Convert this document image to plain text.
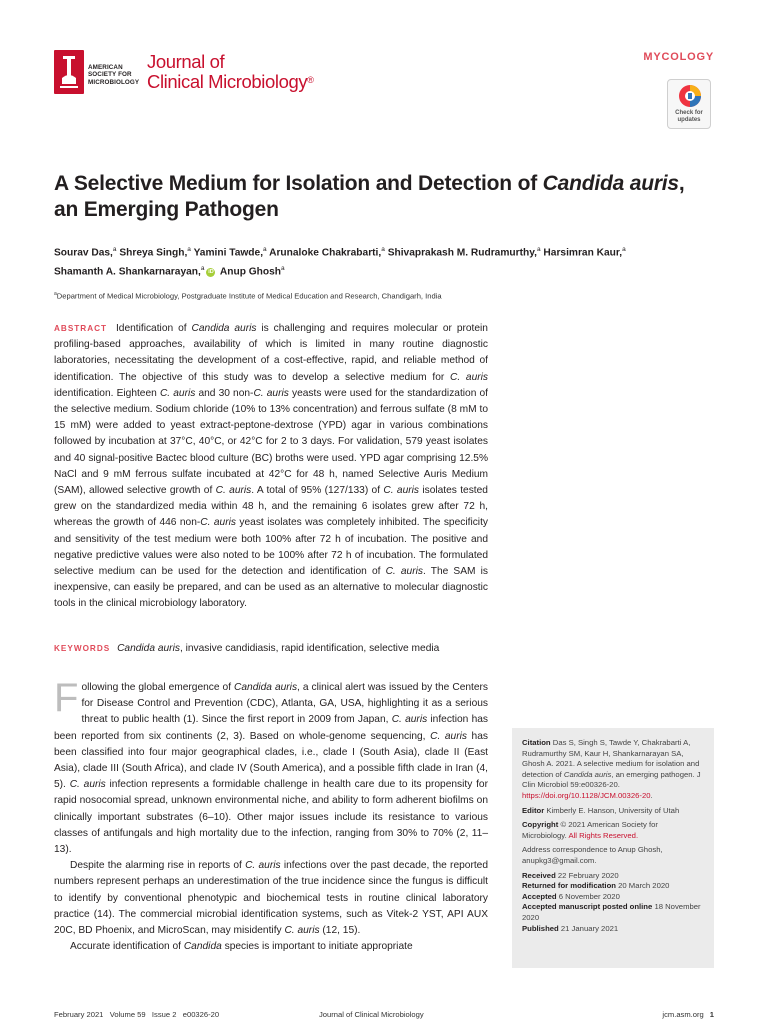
AMERICAN
SOCIETY FOR
MICROBIOLOGY
Journal of
Clinical Microbiology®
MYCOLOGY
Check for updates
A Selective Medium for Isolation and Detection of Candida auris, an Emerging Pathogen
Sourav Das,$^a$ Shreya Singh,$^a$ Yamini Tawde,$^a$ Arunaloke Chakrabarti,$^a$ Shivaprakash M. Rudramurthy,$^a$ Harsimran Kaur,$^a$
Shamanth A. Shankarnarayan,$^a$ iD Anup Ghosh$^a$
$^a$Department of Medical Microbiology, Postgraduate Institute of Medical Education and Research, Chandigarh, India
ABSTRACT Identification of Candida auris is challenging and requires molecular or protein profiling-based approaches, availability of which is limited in many routine diagnostic laboratories, necessitating the development of a cost-effective, rapid, and reliable method of identification. The objective of this study was to develop a selective medium for C. auris identification. Eighteen C. auris and 30 non-C. auris yeasts were used for the standardization of the selective medium. Sodium chloride (10% to 13% concentration) and ferrous sulfate (8 mM to 15 mM) were added to yeast extract-peptone-dextrose (YPD) agar in various combinations followed by incubation at 37°C, 40°C, or 42°C for 2 to 3 days. For validation, 579 yeast isolates and 40 signal-positive Bactec blood culture (BC) broths were used. YPD agar comprising 12.5% NaCl and 9 mM ferrous sulfate incubated at 42°C for 48 h, named Selective Auris Medium (SAM), allowed selective growth of C. auris. A total of 95% (127/133) of C. auris isolates tested grew on the standardized media within 48 h, and the remaining 6 isolates grew after 72 h, whereas the growth of 446 non-C. auris yeast isolates was completely inhibited. The specificity and sensitivity of the test medium were both 100% after 72 h of incubation. The positive and negative predictive values were also noted to be 100% after 72 h of incubation. The formulated selective medium can be used for the detection and identification of C. auris. The SAM is inexpensive, can easily be prepared, and can be used as an alternative to molecular diagnostic tools in the clinical microbiology laboratory.
KEYWORDS Candida auris, invasive candidiasis, rapid identification, selective media

Following the global emergence of Candida auris, a clinical alert was issued by the Centers for Disease Control and Prevention (CDC), Atlanta, GA, USA, highlighting it as a serious threat to public health (1). Since the first report in 2009 from Japan, C. auris infection has been reported from six continents (2, 3). Based on whole-genome sequencing, C. auris has been classified into four major geographical clades, i.e., clade I (South Asia), clade II (East Asia), clade III (South Africa), and clade IV (South America), and a possible fifth clade in Iran (4, 5). C. auris infection represents a formidable challenge in health care due to its propensity for rapid nosocomial spread, unknown environmental niche, and ability to form adherent biofilms on clinically important substrates (6–10). Other major issues include its resistance to various classes of antifungals and high mortality due to the infection, ranging from 30% to 70% (2, 11–13).

Despite the alarming rise in reports of C. auris infections over the past decade, the reported numbers represent perhaps an underestimation of the true incidence since the fungus is difficult to identify by conventional phenotypic and biochemical tests in routine clinical laboratory practice (14). The commercial microbial identification systems, such as Vitek-2 YST, API AUX 20C, BD Phoenix, and MicroScan, may misidentify C. auris (12, 15).

Accurate identification of Candida species is important to initiate appropriate

Citation Das S, Singh S, Tawde Y, Chakrabarti A, Rudramurthy SM, Kaur H, Shankarnarayan SA, Ghosh A. 2021. A selective medium for isolation and detection of Candida auris, an emerging pathogen. J Clin Microbiol 59:e00326-20. https://doi.org/10.1128/JCM.00326-20.
Editor Kimberly E. Hanson, University of Utah
Copyright © 2021 American Society for Microbiology. All Rights Reserved.
Address correspondence to Anup Ghosh, anupkg3@gmail.com.
Received 22 February 2020
Returned for modification 20 March 2020
Accepted 6 November 2020
Accepted manuscript posted online 18 November 2020
Published 21 January 2021
February 2021   Volume 59   Issue 2   e00326-20	Journal of Clinical Microbiology	jcm.asm.org 1
